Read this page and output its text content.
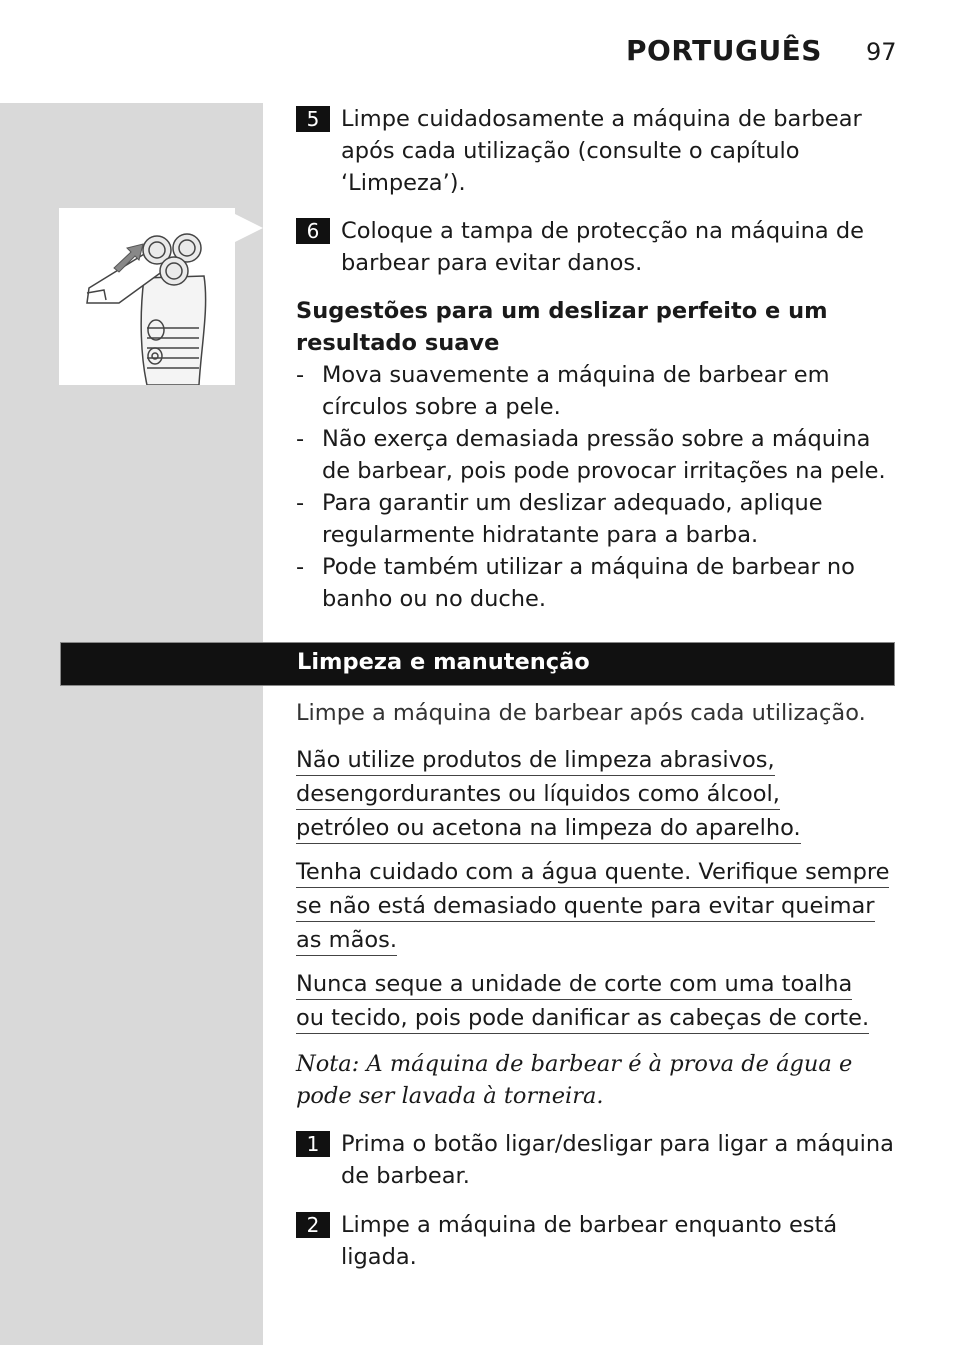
PORTUGUÊS 97
5 Limpe cuidadosamente a máquina de barbear após cada utilização (consulte o capítulo ‘Limpeza’).
6 Coloque a tampa de protecção na máquina de barbear para evitar danos.
Sugestões para um deslizar perfeito e um resultado suave
- Mova suavemente a máquina de barbear em círculos sobre a pele.
- Não exerça demasiada pressão sobre a máquina de barbear, pois pode provocar irritações na pele.
- Para garantir um deslizar adequado, aplique regularmente hidratante para a barba.
- Pode também utilizar a máquina de barbear no banho ou no duche.
Limpeza e manutenção
Limpe a máquina de barbear após cada utilização.
Não utilize produtos de limpeza abrasivos,
desengordurantes ou líquidos como álcool,
petróleo ou acetona na limpeza do aparelho.
Tenha cuidado com a água quente. Verifique sempre
se não está demasiado quente para evitar queimar
as mãos.
Nunca seque a unidade de corte com uma toalha
ou tecido, pois pode danificar as cabeças de corte.
Nota: A máquina de barbear é à prova de água e pode ser lavada à torneira.
1 Prima o botão ligar/desligar para ligar a máquina de barbear.
2 Limpe a máquina de barbear enquanto está ligada.
